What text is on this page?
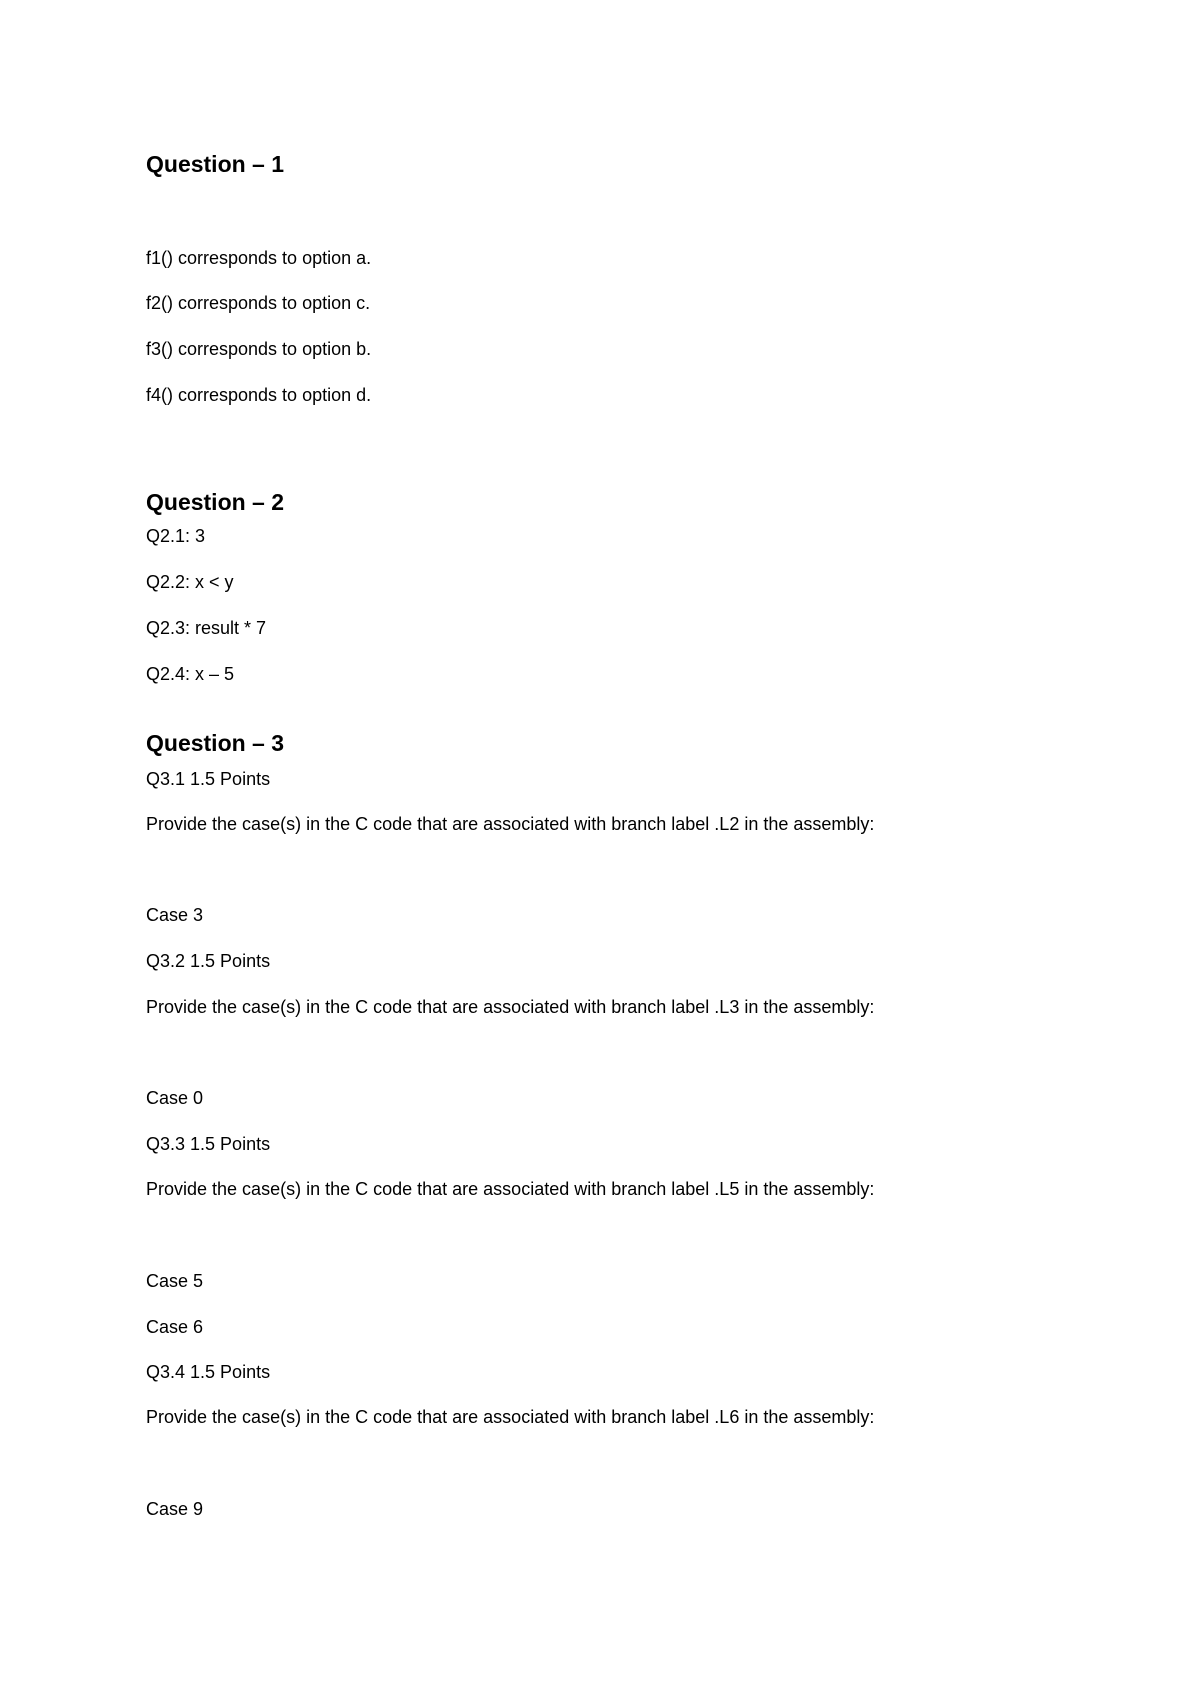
Question – 1
f1() corresponds to option a.
f2() corresponds to option c.
f3() corresponds to option b.
f4() corresponds to option d.
Question – 2
Q2.1: 3
Q2.2: x < y
Q2.3: result * 7
Q2.4: x – 5
Question – 3
Q3.1 1.5 Points
Provide the case(s) in the C code that are associated with branch label .L2 in the assembly:
Case 3
Q3.2 1.5 Points
Provide the case(s) in the C code that are associated with branch label .L3 in the assembly:
Case 0
Q3.3 1.5 Points
Provide the case(s) in the C code that are associated with branch label .L5 in the assembly:
Case 5
Case 6
Q3.4 1.5 Points
Provide the case(s) in the C code that are associated with branch label .L6 in the assembly:
Case 9
